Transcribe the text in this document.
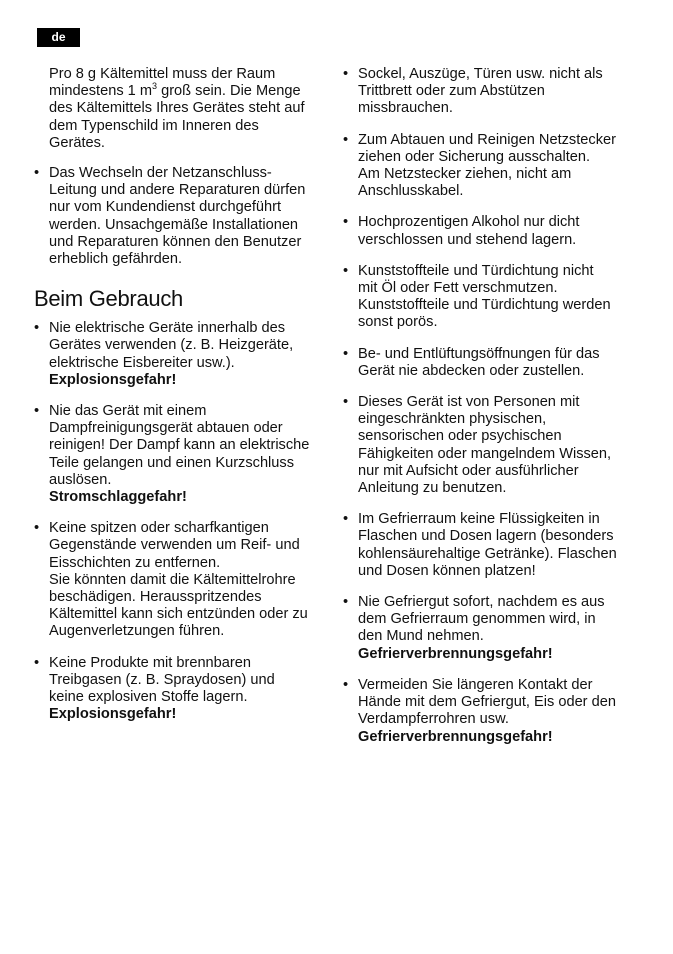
de
Pro 8 g Kältemittel muss der Raum
mindestens 1 $m^3$ groß sein. Die Menge
des Kältemittels Ihres Gerätes steht auf
dem Typenschild im Inneren des
Gerätes.
• Das Wechseln der Netzanschluss-
Leitung und andere Reparaturen dürfen
nur vom Kundendienst durchgeführt
werden. Unsachgemäße Installationen
und Reparaturen können den Benutzer
erheblich gefährden.
Beim Gebrauch
• Nie elektrische Geräte innerhalb des
Gerätes verwenden (z. B. Heizgeräte,
elektrische Eisbereiter usw.).
Explosionsgefahr!
• Nie das Gerät mit einem
Dampfreinigungsgerät abtauen oder
reinigen! Der Dampf kann an elektrische
Teile gelangen und einen Kurzschluss
auslösen.
Stromschlaggefahr!
• Keine spitzen oder scharfkantigen
Gegenstände verwenden um Reif- und
Eisschichten zu entfernen.
Sie könnten damit die Kältemittelrohre
beschädigen. Herausspritzendes
Kältemittel kann sich entzünden oder zu
Augenverletzungen führen.
• Keine Produkte mit brennbaren
Treibgasen (z. B. Spraydosen) und
keine explosiven Stoffe lagern.
Explosionsgefahr!
• Sockel, Auszüge, Türen usw. nicht als
Trittbrett oder zum Abstützen
missbrauchen.
• Zum Abtauen und Reinigen Netzstecker
ziehen oder Sicherung ausschalten.
Am Netzstecker ziehen, nicht am
Anschlusskabel.
• Hochprozentigen Alkohol nur dicht
verschlossen und stehend lagern.
• Kunststoffteile und Türdichtung nicht
mit Öl oder Fett verschmutzen.
Kunststoffteile und Türdichtung werden
sonst porös.
• Be- und Entlüftungsöffnungen für das
Gerät nie abdecken oder zustellen.
• Dieses Gerät ist von Personen mit
eingeschränkten physischen,
sensorischen oder psychischen
Fähigkeiten oder mangelndem Wissen,
nur mit Aufsicht oder ausführlicher
Anleitung zu benutzen.
• Im Gefrierraum keine Flüssigkeiten in
Flaschen und Dosen lagern (besonders
kohlensäurehaltige Getränke). Flaschen
und Dosen können platzen!
• Nie Gefriergut sofort, nachdem es aus
dem Gefrierraum genommen wird, in
den Mund nehmen.
Gefrierverbrennungsgefahr!
• Vermeiden Sie längeren Kontakt der
Hände mit dem Gefriergut, Eis oder den
Verdampferrohren usw.
Gefrierverbrennungsgefahr!
